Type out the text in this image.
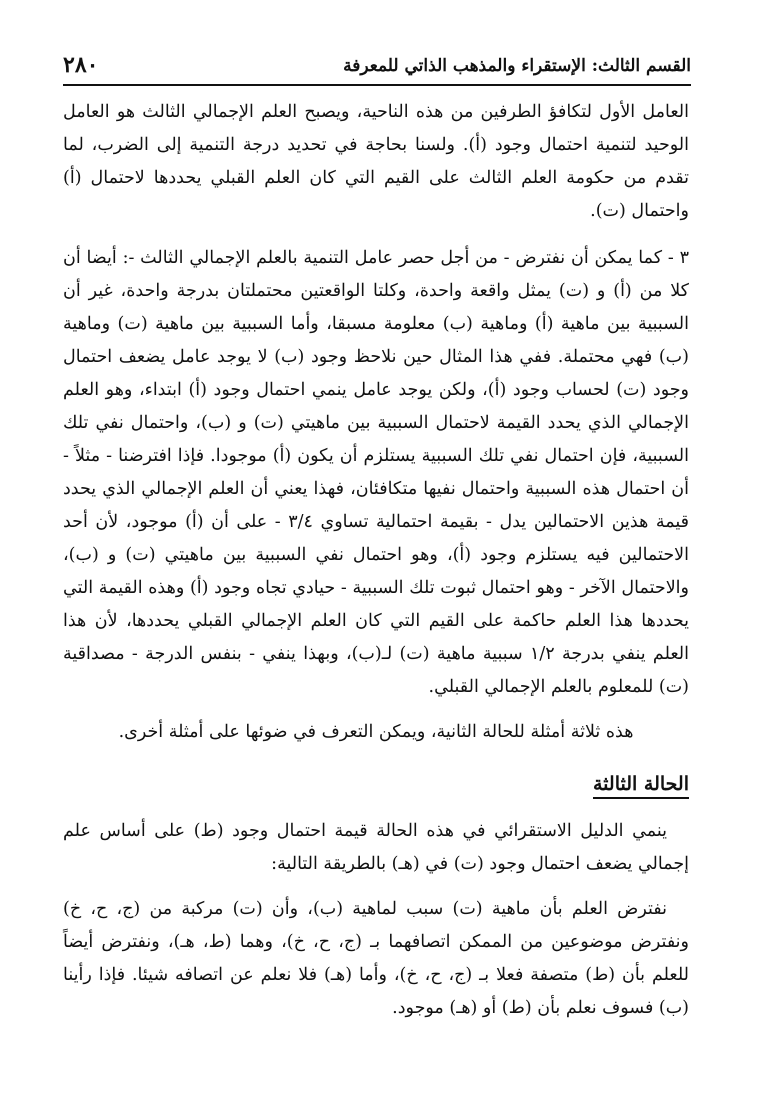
القسم الثالث: الإستقراء والمذهب الذاتي للمعرفة
٢٨٠

العامل الأول لتكافؤ الطرفين من هذه الناحية، ويصبح العلم الإجمالي الثالث هو العامل الوحيد لتنمية احتمال وجود (أ). ولسنا بحاجة في تحديد درجة التنمية إلى الضرب، لما تقدم من حكومة العلم الثالث على القيم التي كان العلم القبلي يحددها لاحتمال (أ) واحتمال (ت).

٣ - كما يمكن أن نفترض - من أجل حصر عامل التنمية بالعلم الإجمالي الثالث -: أيضا أن كلا من (أ) و (ت) يمثل واقعة واحدة، وكلتا الواقعتين محتملتان بدرجة واحدة، غير أن السببية بين ماهية (أ) وماهية (ب) معلومة مسبقا، وأما السببية بين ماهية (ت) وماهية (ب) فهي محتملة. ففي هذا المثال حين نلاحظ وجود (ب) لا يوجد عامل يضعف احتمال وجود (ت) لحساب وجود (أ)، ولكن يوجد عامل ينمي احتمال وجود (أ) ابتداء، وهو العلم الإجمالي الذي يحدد القيمة لاحتمال السببية بين ماهيتي (ت) و (ب)، واحتمال نفي تلك السببية، فإن احتمال نفي تلك السببية يستلزم أن يكون (أ) موجودا. فإذا افترضنا - مثلاً - أن احتمال هذه السببية واحتمال نفيها متكافئان، فهذا يعني أن العلم الإجمالي الذي يحدد قيمة هذين الاحتمالين يدل - بقيمة احتمالية تساوي ٣/٤ - على أن (أ) موجود، لأن أحد الاحتمالين فيه يستلزم وجود (أ)، وهو احتمال نفي السببية بين ماهيتي (ت) و (ب)، والاحتمال الآخر - وهو احتمال ثبوت تلك السببية - حيادي تجاه وجود (أ) وهذه القيمة التي يحددها هذا العلم حاكمة على القيم التي كان العلم الإجمالي القبلي يحددها، لأن هذا العلم ينفي بدرجة ١/٢ سببية ماهية (ت) لـ(ب)، وبهذا ينفي - بنفس الدرجة - مصداقية (ت) للمعلوم بالعلم الإجمالي القبلي.

هذه ثلاثة أمثلة للحالة الثانية، ويمكن التعرف في ضوئها على أمثلة أخرى.

الحالة الثالثة

ينمي الدليل الاستقرائي في هذه الحالة قيمة احتمال وجود (ط) على أساس علم إجمالي يضعف احتمال وجود (ت) في (هـ) بالطريقة التالية:

نفترض العلم بأن ماهية (ت) سبب لماهية (ب)، وأن (ت) مركبة من (ج، ح، خ) ونفترض موضوعين من الممكن اتصافهما بـ (ج، ح، خ)، وهما (ط، هـ)، ونفترض أيضاً للعلم بأن (ط) متصفة فعلا بـ (ج، ح، خ)، وأما (هـ) فلا نعلم عن اتصافه شيئا. فإذا رأينا (ب) فسوف نعلم بأن (ط) أو (هـ) موجود.
